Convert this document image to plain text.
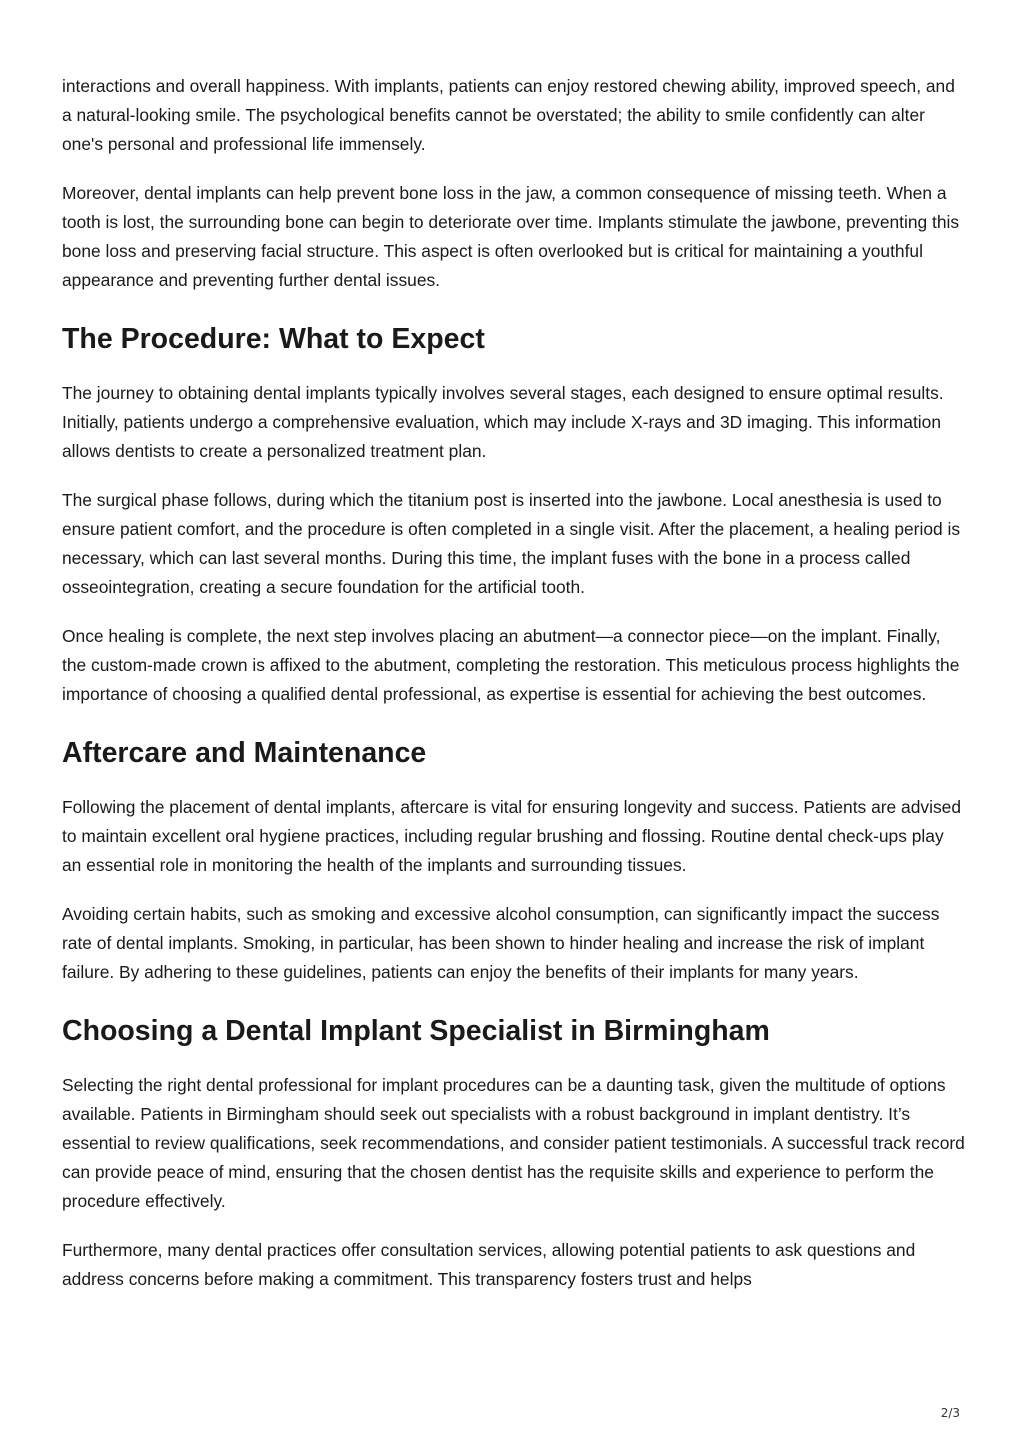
interactions and overall happiness. With implants, patients can enjoy restored chewing ability, improved speech, and a natural-looking smile. The psychological benefits cannot be overstated; the ability to smile confidently can alter one's personal and professional life immensely.

Moreover, dental implants can help prevent bone loss in the jaw, a common consequence of missing teeth. When a tooth is lost, the surrounding bone can begin to deteriorate over time. Implants stimulate the jawbone, preventing this bone loss and preserving facial structure. This aspect is often overlooked but is critical for maintaining a youthful appearance and preventing further dental issues.

The Procedure: What to Expect

The journey to obtaining dental implants typically involves several stages, each designed to ensure optimal results. Initially, patients undergo a comprehensive evaluation, which may include X-rays and 3D imaging. This information allows dentists to create a personalized treatment plan.

The surgical phase follows, during which the titanium post is inserted into the jawbone. Local anesthesia is used to ensure patient comfort, and the procedure is often completed in a single visit. After the placement, a healing period is necessary, which can last several months. During this time, the implant fuses with the bone in a process called osseointegration, creating a secure foundation for the artificial tooth.

Once healing is complete, the next step involves placing an abutment—a connector piece—on the implant. Finally, the custom-made crown is affixed to the abutment, completing the restoration. This meticulous process highlights the importance of choosing a qualified dental professional, as expertise is essential for achieving the best outcomes.

Aftercare and Maintenance

Following the placement of dental implants, aftercare is vital for ensuring longevity and success. Patients are advised to maintain excellent oral hygiene practices, including regular brushing and flossing. Routine dental check-ups play an essential role in monitoring the health of the implants and surrounding tissues.

Avoiding certain habits, such as smoking and excessive alcohol consumption, can significantly impact the success rate of dental implants. Smoking, in particular, has been shown to hinder healing and increase the risk of implant failure. By adhering to these guidelines, patients can enjoy the benefits of their implants for many years.

Choosing a Dental Implant Specialist in Birmingham

Selecting the right dental professional for implant procedures can be a daunting task, given the multitude of options available. Patients in Birmingham should seek out specialists with a robust background in implant dentistry. It’s essential to review qualifications, seek recommendations, and consider patient testimonials. A successful track record can provide peace of mind, ensuring that the chosen dentist has the requisite skills and experience to perform the procedure effectively.

Furthermore, many dental practices offer consultation services, allowing potential patients to ask questions and address concerns before making a commitment. This transparency fosters trust and helps

2/3
